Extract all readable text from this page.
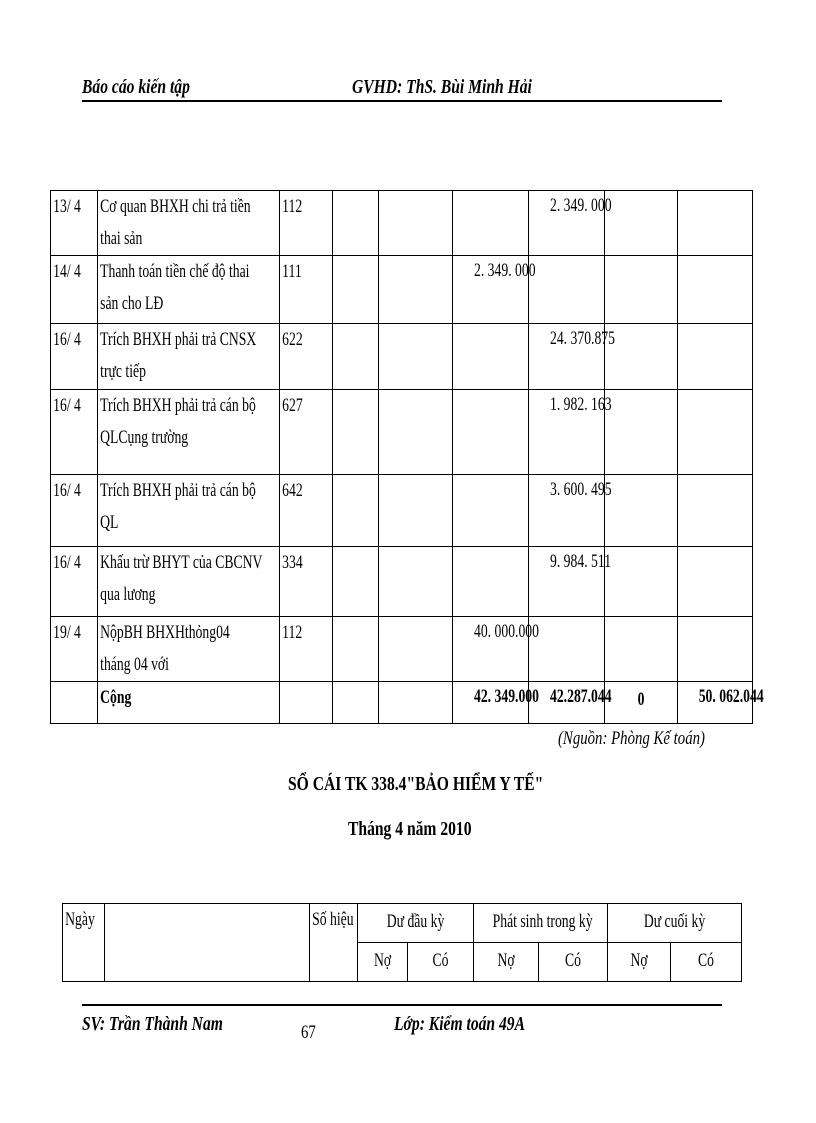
Báo cáo kiến tập	GVHD: ThS. Bùi Minh Hải
13/ 4	Cơ quan BHXH chi trả tiền
thai sản	112				2. 349. 000		

14/ 4	Thanh toán tiền chế độ thai
sản cho LĐ	111			2. 349. 000			

16/ 4	Trích BHXH phải trả CNSX
trực tiếp	622				24. 370.875		

16/ 4	Trích BHXH phải trả cán bộ
QLCụng trường	627				1. 982. 163		

16/ 4	Trích BHXH phải trả cán bộ
QL	642				3. 600. 495		

16/ 4	Khấu trừ BHYT của CBCNV
qua lương	334				9. 984. 511		

19/ 4	NộpBH BHXHthỏng04
tháng 04 với	112			40. 000.000			

	Cộng				42. 349.000	42.287.044	0	50. 062.044
(Nguồn: Phòng Kế toán)
SỔ CÁI TK 338.4"BẢO HIỂM Y TẾ"
Tháng 4 năm 2010
Ngày		Số hiệu	Dư đầu kỳ		Phát sinh trong kỳ		Dư cuối kỳ	

			Nợ	Có	Nợ	Có	Nợ	Có
SV: Trần Thành Nam	67	Lớp: Kiểm toán 49A
